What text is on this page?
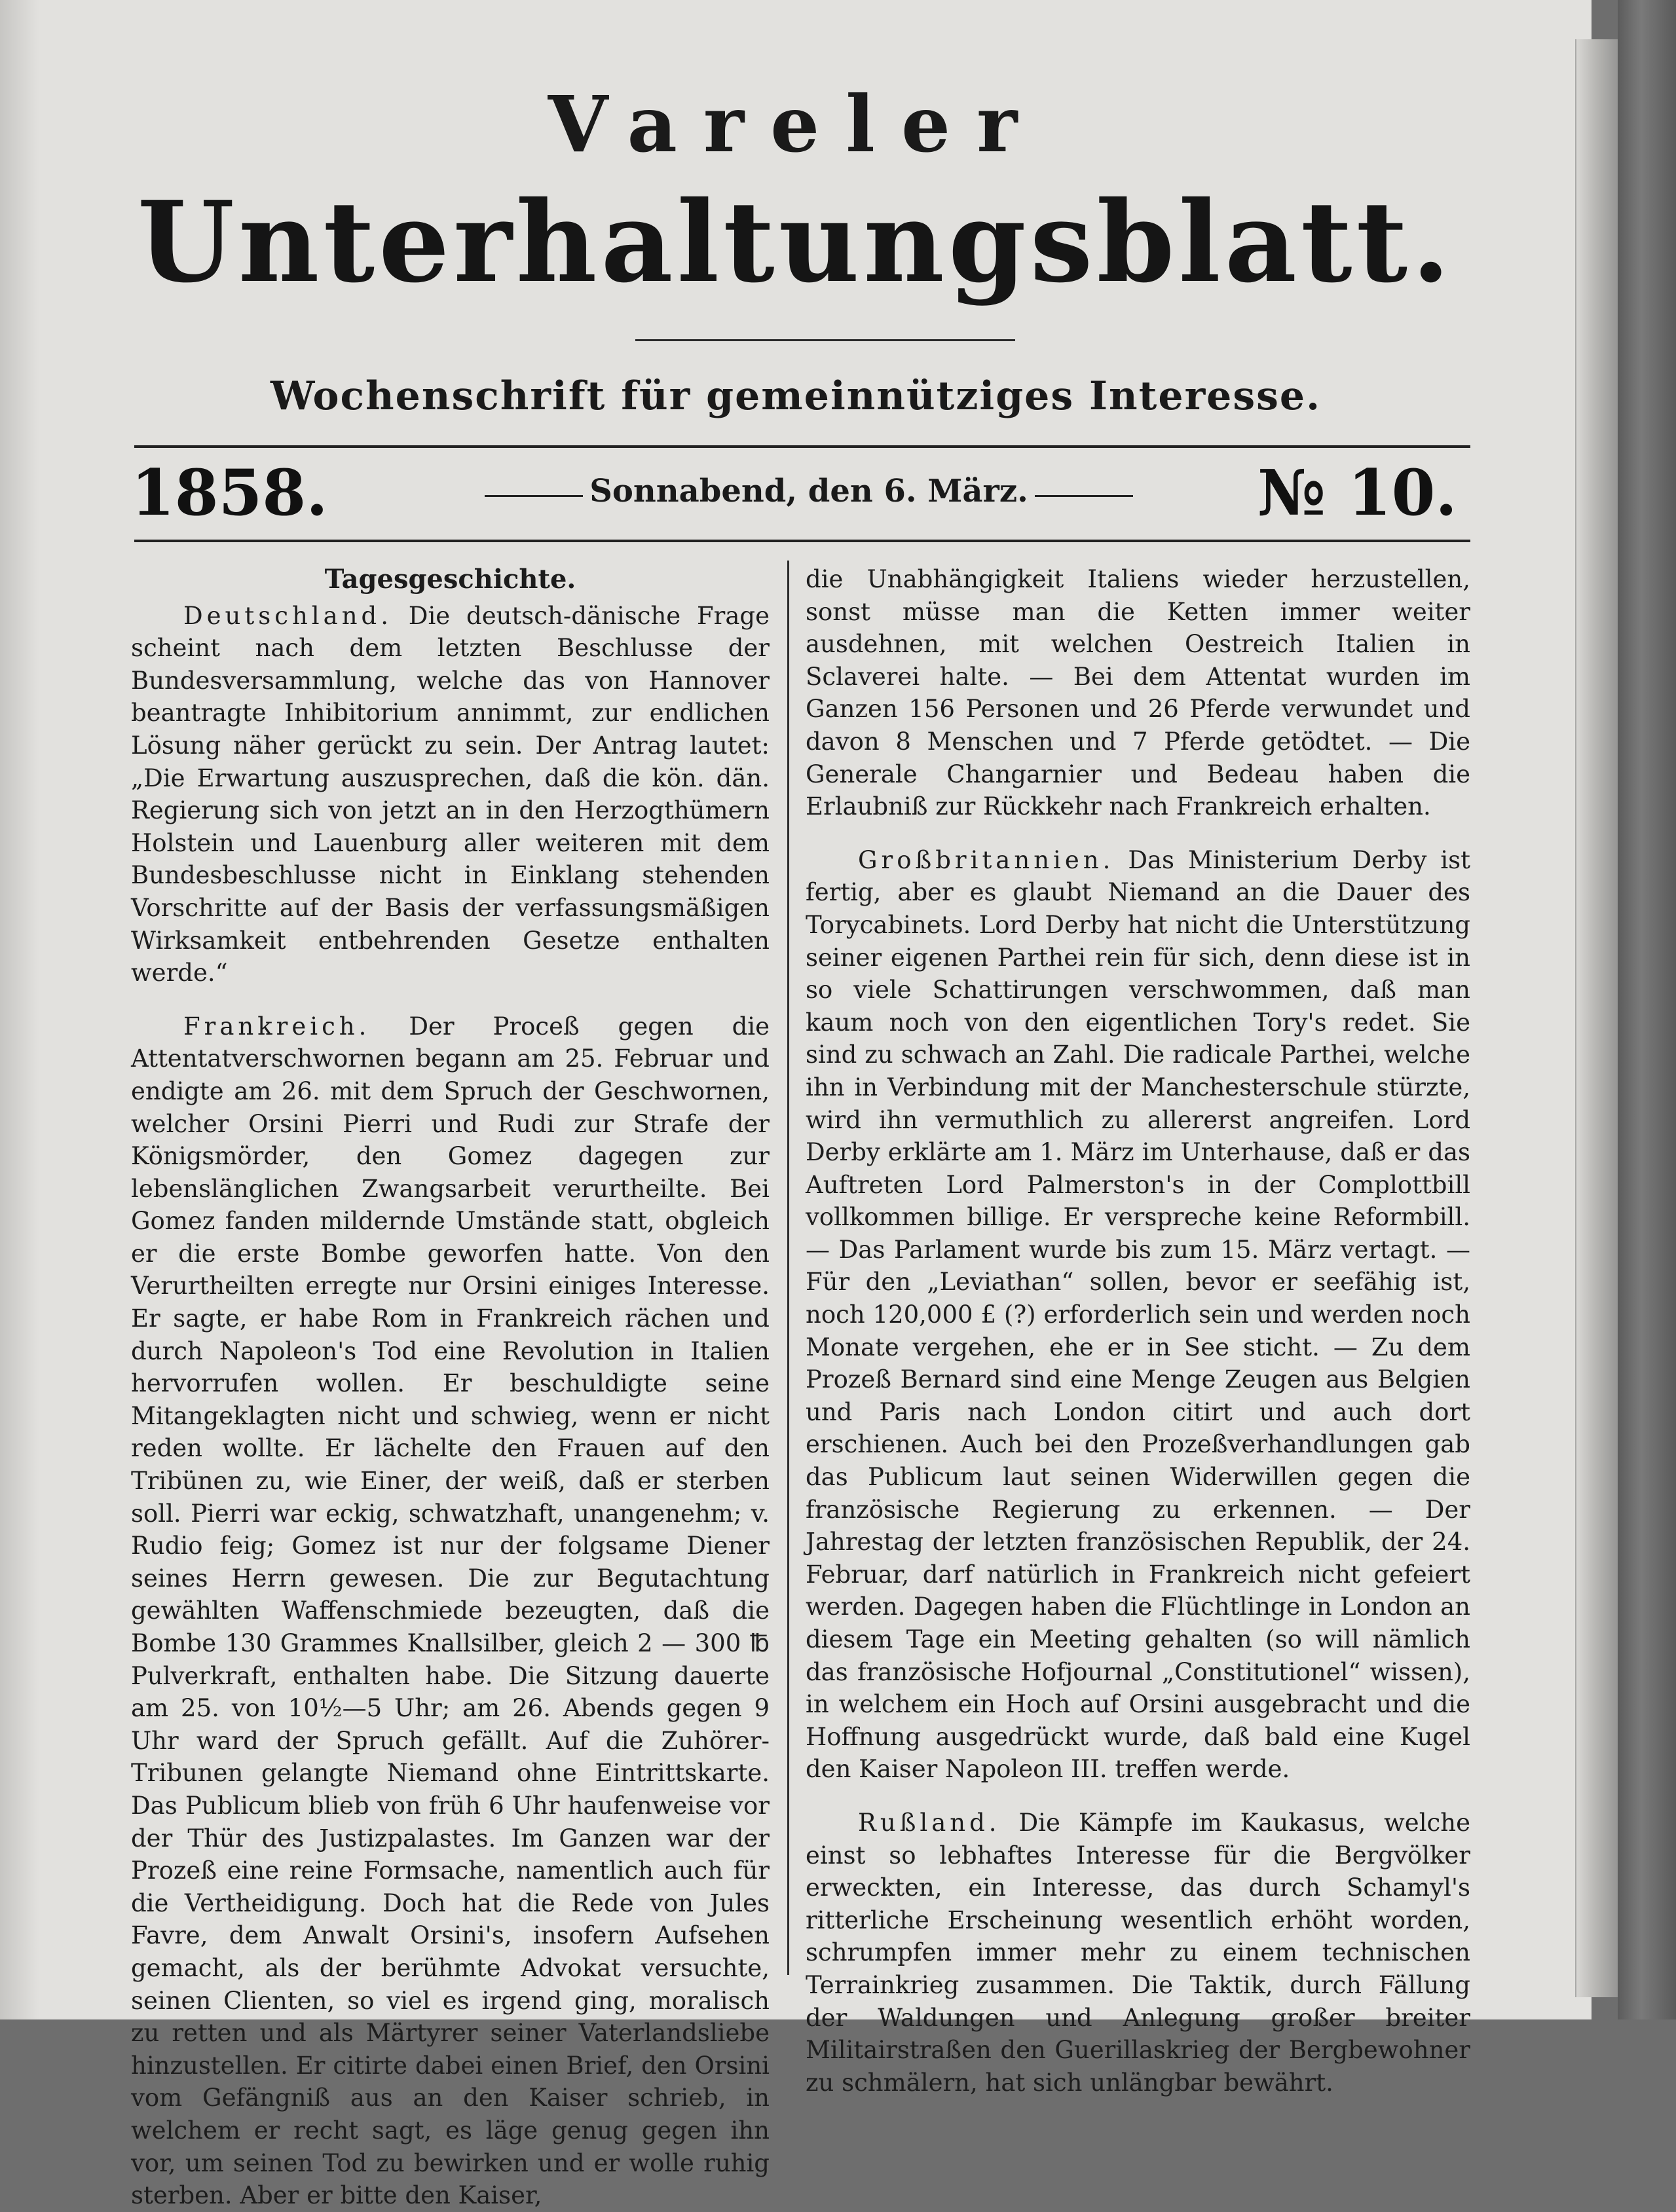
Vareler
Unterhaltungsblatt.
Wochenschrift für gemeinnütziges Interesse.
1858.	Sonnabend, den 6. März.	№ 10.
Tagesgeschichte.

Deutschland. Die deutsch-dänische Frage scheint nach dem letzten Beschlusse der Bundesversammlung, welche das von Hannover beantragte Inhibitorium annimmt, zur endlichen Lösung näher gerückt zu sein. Der Antrag lautet: „Die Erwartung auszusprechen, daß die kön. dän. Regierung sich von jetzt an in den Herzogthümern Holstein und Lauenburg aller weiteren mit dem Bundesbeschlusse nicht in Einklang stehenden Vorschritte auf der Basis der verfassungsmäßigen Wirksamkeit entbehrenden Gesetze enthalten werde.“

Frankreich. Der Proceß gegen die Attentatverschwornen begann am 25. Februar und endigte am 26. mit dem Spruch der Geschwornen, welcher Orsini Pierri und Rudi zur Strafe der Königsmörder, den Gomez dagegen zur lebenslänglichen Zwangsarbeit verurtheilte. Bei Gomez fanden mildernde Umstände statt, obgleich er die erste Bombe geworfen hatte. Von den Verurtheilten erregte nur Orsini einiges Interesse. Er sagte, er habe Rom in Frankreich rächen und durch Napoleon's Tod eine Revolution in Italien hervorrufen wollen. Er beschuldigte seine Mitangeklagten nicht und schwieg, wenn er nicht reden wollte. Er lächelte den Frauen auf den Tribünen zu, wie Einer, der weiß, daß er sterben soll. Pierri war eckig, schwatzhaft, unangenehm; v. Rudio feig; Gomez ist nur der folgsame Diener seines Herrn gewesen. Die zur Begutachtung gewählten Waffenschmiede bezeugten, daß die Bombe 130 Grammes Knallsilber, gleich 2 — 300 ℔ Pulverkraft, enthalten habe. Die Sitzung dauerte am 25. von 10½—5 Uhr; am 26. Abends gegen 9 Uhr ward der Spruch gefällt. Auf die Zuhörer-Tribunen gelangte Niemand ohne Eintrittskarte. Das Publicum blieb von früh 6 Uhr haufenweise vor der Thür des Justizpalastes. Im Ganzen war der Prozeß eine reine Formsache, namentlich auch für die Vertheidigung. Doch hat die Rede von Jules Favre, dem Anwalt Orsini's, insofern Aufsehen gemacht, als der berühmte Advokat versuchte, seinen Clienten, so viel es irgend ging, moralisch zu retten und als Märtyrer seiner Vaterlandsliebe hinzustellen. Er citirte dabei einen Brief, den Orsini vom Gefängniß aus an den Kaiser schrieb, in welchem er recht sagt, es läge genug gegen ihn vor, um seinen Tod zu bewirken und er wolle ruhig sterben. Aber er bitte den Kaiser,

die Unabhängigkeit Italiens wieder herzustellen, sonst müsse man die Ketten immer weiter ausdehnen, mit welchen Oestreich Italien in Sclaverei halte. — Bei dem Attentat wurden im Ganzen 156 Personen und 26 Pferde verwundet und davon 8 Menschen und 7 Pferde getödtet. — Die Generale Changarnier und Bedeau haben die Erlaubniß zur Rückkehr nach Frankreich erhalten.

Großbritannien. Das Ministerium Derby ist fertig, aber es glaubt Niemand an die Dauer des Torycabinets. Lord Derby hat nicht die Unterstützung seiner eigenen Parthei rein für sich, denn diese ist in so viele Schattirungen verschwommen, daß man kaum noch von den eigentlichen Tory's redet. Sie sind zu schwach an Zahl. Die radicale Parthei, welche ihn in Verbindung mit der Manchesterschule stürzte, wird ihn vermuthlich zu allererst angreifen. Lord Derby erklärte am 1. März im Unterhause, daß er das Auftreten Lord Palmerston's in der Complottbill vollkommen billige. Er verspreche keine Reformbill. — Das Parlament wurde bis zum 15. März vertagt. — Für den „Leviathan“ sollen, bevor er seefähig ist, noch 120,000 £ (?) erforderlich sein und werden noch Monate vergehen, ehe er in See sticht. — Zu dem Prozeß Bernard sind eine Menge Zeugen aus Belgien und Paris nach London citirt und auch dort erschienen. Auch bei den Prozeßverhandlungen gab das Publicum laut seinen Widerwillen gegen die französische Regierung zu erkennen. — Der Jahrestag der letzten französischen Republik, der 24. Februar, darf natürlich in Frankreich nicht gefeiert werden. Dagegen haben die Flüchtlinge in London an diesem Tage ein Meeting gehalten (so will nämlich das französische Hofjournal „Constitutionel“ wissen), in welchem ein Hoch auf Orsini ausgebracht und die Hoffnung ausgedrückt wurde, daß bald eine Kugel den Kaiser Napoleon III. treffen werde.

Rußland. Die Kämpfe im Kaukasus, welche einst so lebhaftes Interesse für die Bergvölker erweckten, ein Interesse, das durch Schamyl's ritterliche Erscheinung wesentlich erhöht worden, schrumpfen immer mehr zu einem technischen Terrainkrieg zusammen. Die Taktik, durch Fällung der Waldungen und Anlegung großer breiter Militairstraßen den Guerillaskrieg der Bergbewohner zu schmälern, hat sich unlängbar bewährt.
